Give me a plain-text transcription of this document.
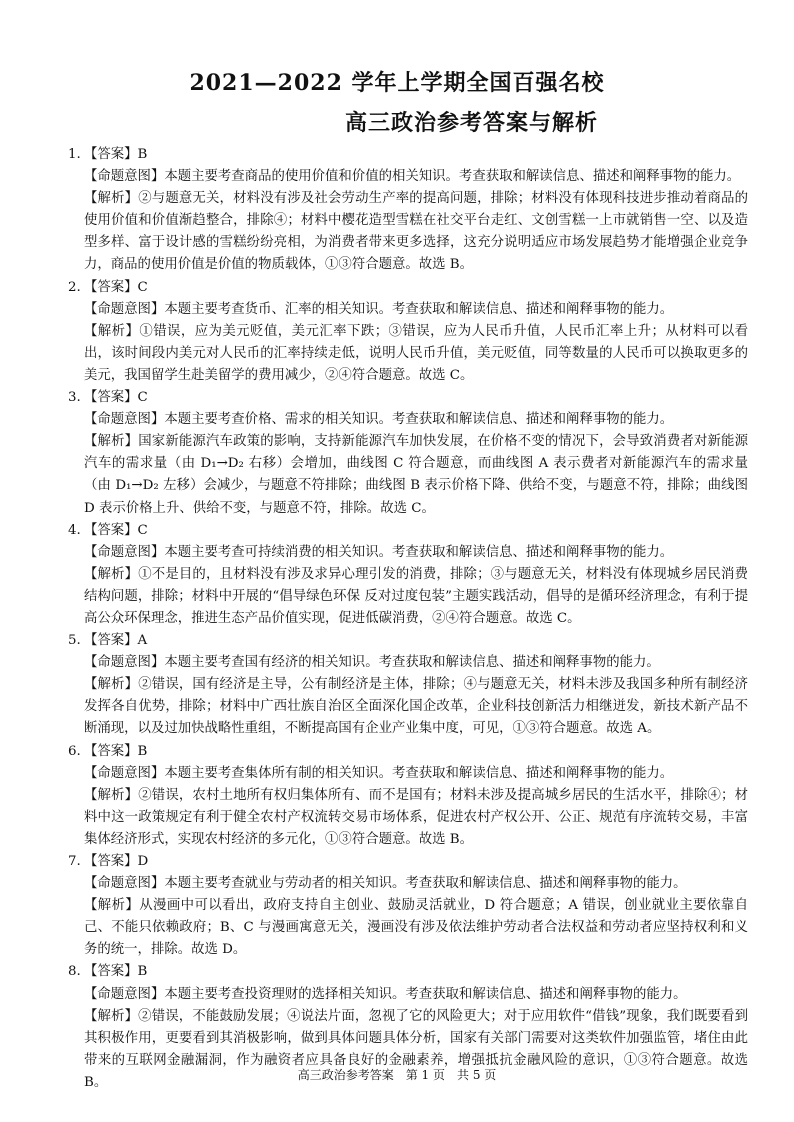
2021—2022 学年上学期全国百强名校
高三政治参考答案与解析
1. 【答案】B
【命题意图】本题主要考查商品的使用价值和价值的相关知识。考查获取和解读信息、描述和阐释事物的能力。
【解析】②与题意无关，材料没有涉及社会劳动生产率的提高问题，排除；材料没有体现科技进步推动着商品的使用价值和价值渐趋整合，排除④；材料中樱花造型雪糕在社交平台走红、文创雪糕一上市就销售一空、以及造型多样、富于设计感的雪糕纷纷亮相，为消费者带来更多选择，这充分说明适应市场发展趋势才能增强企业竞争力，商品的使用价值是价值的物质载体，①③符合题意。故选 B。
2. 【答案】C
【命题意图】本题主要考查货币、汇率的相关知识。考查获取和解读信息、描述和阐释事物的能力。
【解析】①错误，应为美元贬值，美元汇率下跌；③错误，应为人民币升值，人民币汇率上升；从材料可以看出，该时间段内美元对人民币的汇率持续走低，说明人民币升值，美元贬值，同等数量的人民币可以换取更多的美元，我国留学生赴美留学的费用减少，②④符合题意。故选 C。
3. 【答案】C
【命题意图】本题主要考查价格、需求的相关知识。考查获取和解读信息、描述和阐释事物的能力。
【解析】国家新能源汽车政策的影响，支持新能源汽车加快发展，在价格不变的情况下，会导致消费者对新能源汽车的需求量（由 D₁→D₂ 右移）会增加，曲线图 C 符合题意，而曲线图 A 表示费者对新能源汽车的需求量（由 D₁→D₂ 左移）会减少，与题意不符排除；曲线图 B 表示价格下降、供给不变，与题意不符，排除；曲线图 D 表示价格上升、供给不变，与题意不符，排除。故选 C。
4. 【答案】C
【命题意图】本题主要考查可持续消费的相关知识。考查获取和解读信息、描述和阐释事物的能力。
【解析】①不是目的，且材料没有涉及求异心理引发的消费，排除；③与题意无关，材料没有体现城乡居民消费结构问题，排除；材料中开展的“倡导绿色环保 反对过度包装”主题实践活动，倡导的是循环经济理念，有利于提高公众环保理念，推进生态产品价值实现，促进低碳消费，②④符合题意。故选 C。
5. 【答案】A
【命题意图】本题主要考查国有经济的相关知识。考查获取和解读信息、描述和阐释事物的能力。
【解析】②错误，国有经济是主导，公有制经济是主体，排除；④与题意无关，材料未涉及我国多种所有制经济发挥各自优势，排除；材料中广西壮族自治区全面深化国企改革，企业科技创新活力相继迸发，新技术新产品不断涌现，以及过加快战略性重组，不断提高国有企业产业集中度，可见，①③符合题意。故选 A。
6. 【答案】B
【命题意图】本题主要考查集体所有制的相关知识。考查获取和解读信息、描述和阐释事物的能力。
【解析】②错误，农村土地所有权归集体所有、而不是国有；材料未涉及提高城乡居民的生活水平，排除④；材料中这一政策规定有利于健全农村产权流转交易市场体系，促进农村产权公开、公正、规范有序流转交易，丰富集体经济形式，实现农村经济的多元化，①③符合题意。故选 B。
7. 【答案】D
【命题意图】本题主要考查就业与劳动者的相关知识。考查获取和解读信息、描述和阐释事物的能力。
【解析】从漫画中可以看出，政府支持自主创业、鼓励灵活就业，D 符合题意；A 错误，创业就业主要依靠自己、不能只依赖政府；B、C 与漫画寓意无关，漫画没有涉及依法维护劳动者合法权益和劳动者应坚持权利和义务的统一，排除。故选 D。
8. 【答案】B
【命题意图】本题主要考查投资理财的选择相关知识。考查获取和解读信息、描述和阐释事物的能力。
【解析】②错误，不能鼓励发展；④说法片面，忽视了它的风险更大；对于应用软件“借钱”现象，我们既要看到其积极作用，更要看到其消极影响，做到具体问题具体分析，国家有关部门需要对这类软件加强监管，堵住由此带来的互联网金融漏洞，作为融资者应具备良好的金融素养，增强抵抗金融风险的意识，①③符合题意。故选 B。	高三政治参考答案　第 1 页　共 5 页
